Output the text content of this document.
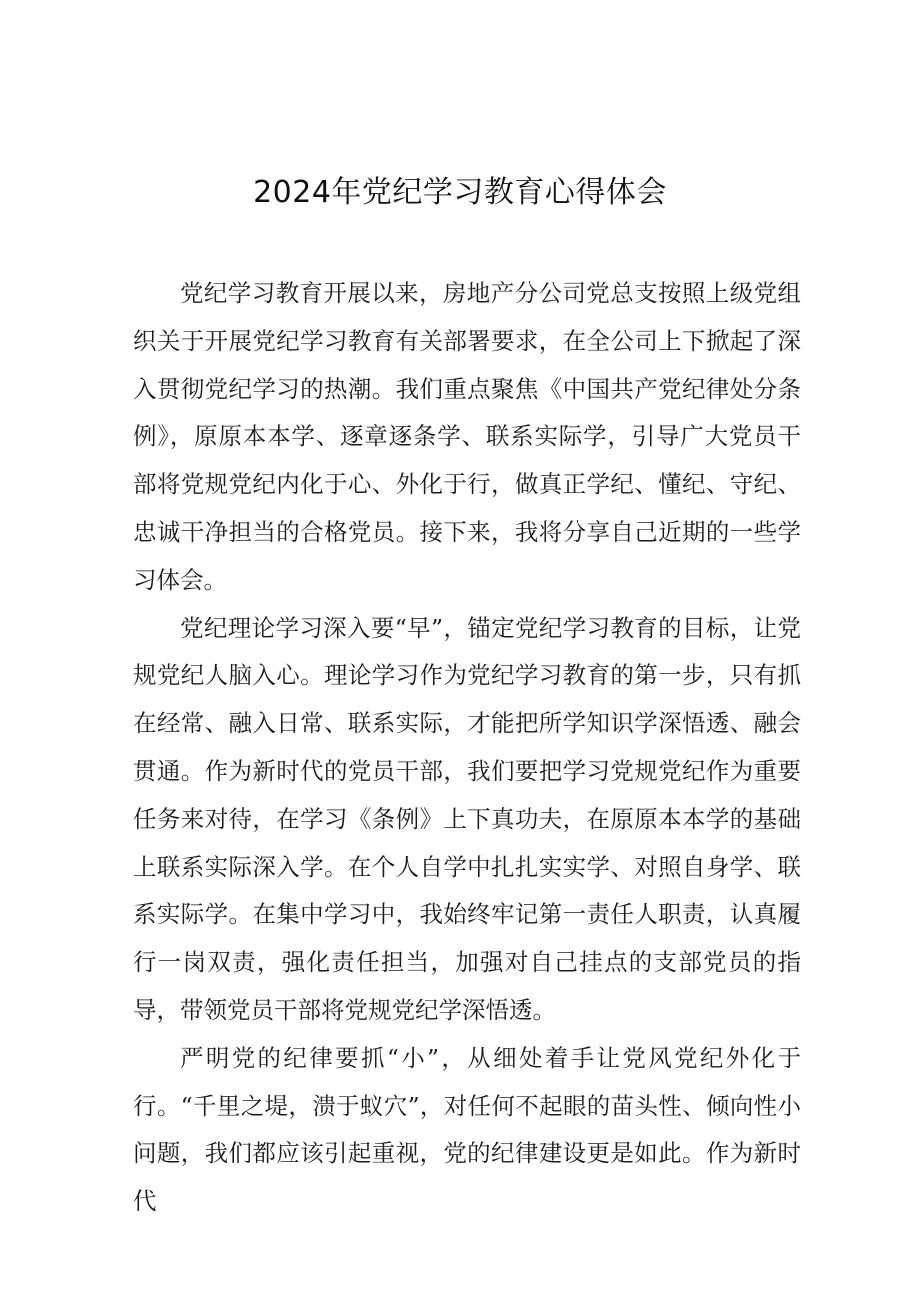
2024年党纪学习教育心得体会

党纪学习教育开展以来，房地产分公司党总支按照上级党组织关于开展党纪学习教育有关部署要求，在全公司上下掀起了深入贯彻党纪学习的热潮。我们重点聚焦《中国共产党纪律处分条例》，原原本本学、逐章逐条学、联系实际学，引导广大党员干部将党规党纪内化于心、外化于行，做真正学纪、懂纪、守纪、忠诚干净担当的合格党员。接下来，我将分享自己近期的一些学习体会。

党纪理论学习深入要“早”，锚定党纪学习教育的目标，让党规党纪人脑入心。理论学习作为党纪学习教育的第一步，只有抓在经常、融入日常、联系实际，才能把所学知识学深悟透、融会贯通。作为新时代的党员干部，我们要把学习党规党纪作为重要任务来对待，在学习《条例》上下真功夫，在原原本本学的基础上联系实际深入学。在个人自学中扎扎实实学、对照自身学、联系实际学。在集中学习中，我始终牢记第一责任人职责，认真履行一岗双责，强化责任担当，加强对自己挂点的支部党员的指导，带领党员干部将党规党纪学深悟透。

严明党的纪律要抓“小”，从细处着手让党风党纪外化于行。“千里之堤，溃于蚁穴”，对任何不起眼的苗头性、倾向性小问题，我们都应该引起重视，党的纪律建设更是如此。作为新时代
